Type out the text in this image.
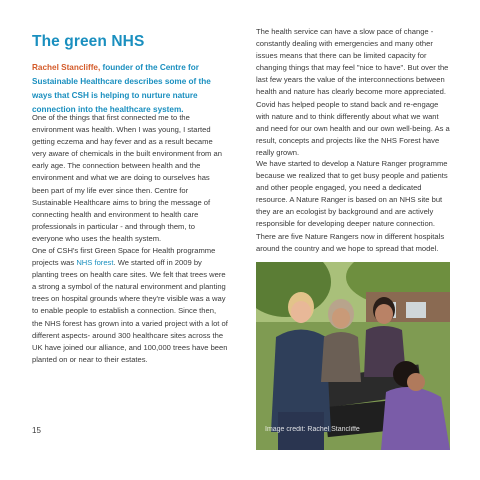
The green NHS

Rachel Stancliffe, founder of the Centre for Sustainable Healthcare describes some of the ways that CSH is helping to nurture nature connection into the healthcare system.

One of the things that first connected me to the environment was health. When I was young, I started getting eczema and hay fever and as a result became very aware of chemicals in the built environment from an early age. The connection between health and the environment and what we are doing to ourselves has been part of my life ever since then. Centre for Sustainable Healthcare aims to bring the message of connecting health and environment to health care professionals in particular - and through them, to everyone who uses the health system.

One of CSH's first Green Space for Health programme projects was NHS forest. We started off in 2009 by planting trees on health care sites. We felt that trees were a strong a symbol of the natural environment and planting trees on hospital grounds where they're visible was a way to enable people to establish a connection. Since then, the NHS forest has grown into a varied project with a lot of different aspects- around 300 healthcare sites across the UK have joined our alliance, and 100,000 trees have been planted on or near to their estates.

The health service can have a slow pace of change - constantly dealing with emergencies and many other issues means that there can be limited capacity for changing things that may feel "nice to have". But over the last few years the value of the interconnections between health and nature has clearly become more appreciated. Covid has helped people to stand back and re-engage with nature and to think differently about what we want and need for our own health and our own well-being. As a result, concepts and projects like the NHS Forest have really grown.

We have started to develop a Nature Ranger programme because we realized that to get busy people and patients and other people engaged, you need a dedicated resource. A Nature Ranger is based on an NHS site but they are an ecologist by background and are actively responsible for developing deeper nature connection. There are five Nature Rangers now in different hospitals around the country and we hope to spread that model.

Image credit: Rachel Stancliffe
15
